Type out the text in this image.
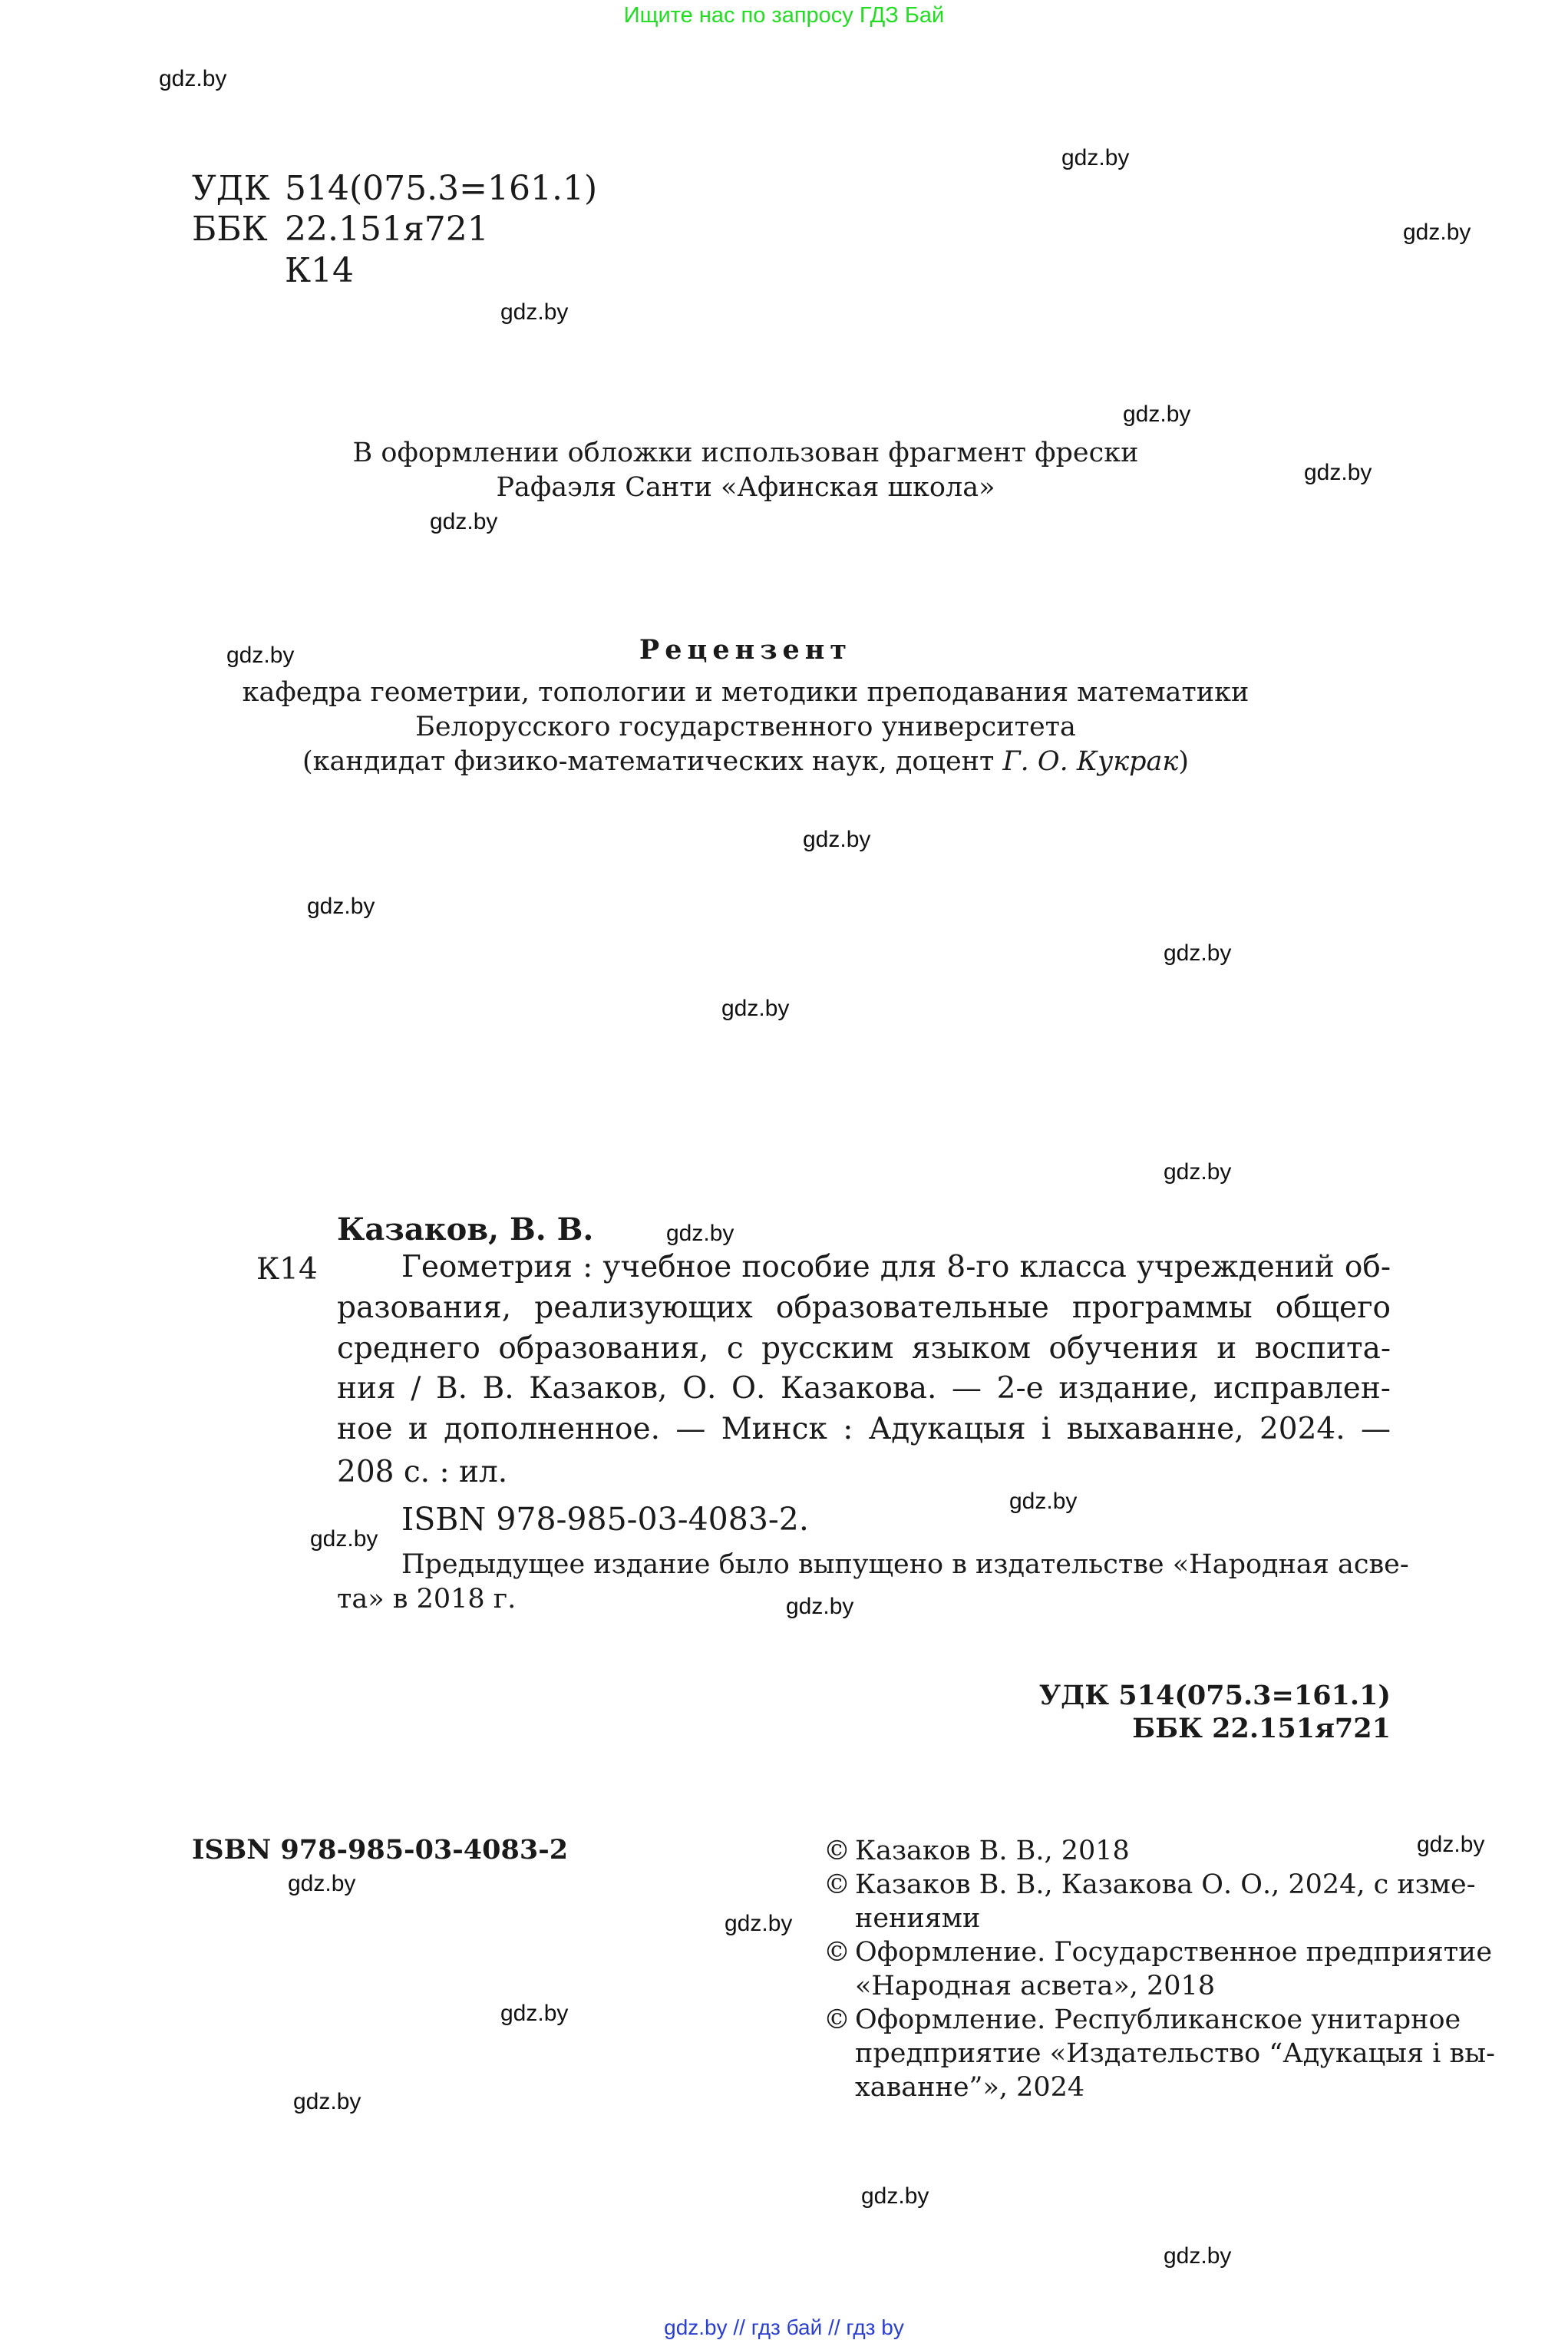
Ищите нас по запросу ГДЗ Бай
gdz.by
gdz.by
gdz.by
gdz.by
gdz.by
gdz.by
gdz.by
gdz.by
gdz.by
gdz.by
gdz.by
gdz.by
gdz.by
gdz.by
gdz.by
gdz.by
gdz.by
gdz.by
gdz.by
gdz.by
gdz.by
gdz.by
gdz.by
gdz.by
УДК 514(075.3=161.1)
ББК 22.151я721
К14
В оформлении обложки использован фрагмент фрески
Рафаэля Санти «Афинская школа»
Рецензент
кафедра геометрии, топологии и методики преподавания математики
Белорусского государственного университета
(кандидат физико-математических наук, доцент Г. О. Кукрак)
Казаков, В. В.
К14	Геометрия : учебное пособие для 8-го класса учреждений об-
разования, реализующих образовательные программы общего
среднего образования, с русским языком обучения и воспита-
ния / В. В. Казаков, О. О. Казакова. — 2-е издание, исправлен-
ное и дополненное. — Минск : Адукацыя і выхаванне, 2024. —
208 с. : ил.
ISBN 978-985-03-4083-2.
Предыдущее издание было выпущено в издательстве «Народная асве-
та» в 2018 г.
УДК 514(075.3=161.1)
ББК 22.151я721
ISBN 978-985-03-4083-2	© Казаков В. В., 2018
© Казаков В. В., Казакова О. О., 2024, с изме-
нениями
© Оформление. Государственное предприятие
«Народная асвета», 2018
© Оформление. Республиканское унитарное
предприятие «Издательство “Адукацыя і вы-
хаванне”», 2024
gdz.by // гдз бай // гдз by
